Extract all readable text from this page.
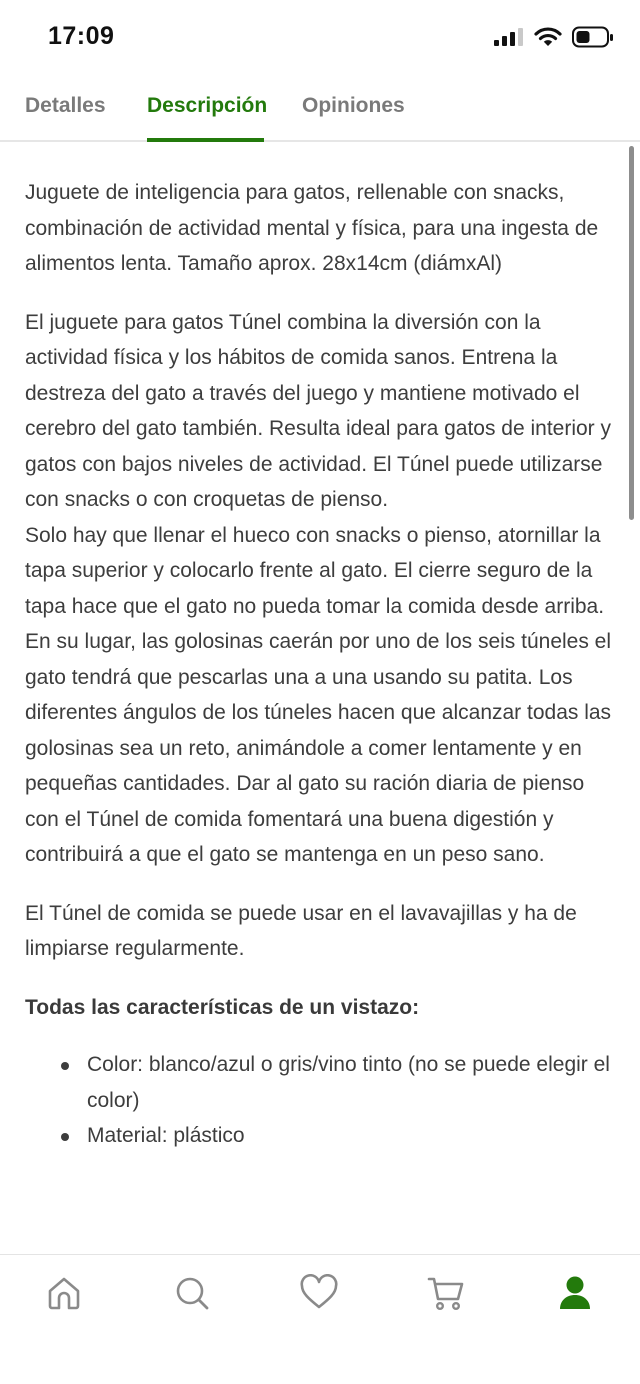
17:09
Detalles Descripción Opiniones

Juguete de inteligencia para gatos, rellenable con snacks, combinación de actividad mental y física, para una ingesta de alimentos lenta. Tamaño aprox. 28x14cm (diámxAl)

El juguete para gatos Túnel combina la diversión con la actividad física y los hábitos de comida sanos. Entrena la destreza del gato a través del juego y mantiene motivado el cerebro del gato también. Resulta ideal para gatos de interior y gatos con bajos niveles de actividad. El Túnel puede utilizarse con snacks o con croquetas de pienso.

Solo hay que llenar el hueco con snacks o pienso, atornillar la tapa superior y colocarlo frente al gato. El cierre seguro de la tapa hace que el gato no pueda tomar la comida desde arriba. En su lugar, las golosinas caerán por uno de los seis túneles el gato tendrá que pescarlas una a una usando su patita. Los diferentes ángulos de los túneles hacen que alcanzar todas las golosinas sea un reto, animándole a comer lentamente y en pequeñas cantidades. Dar al gato su ración diaria de pienso con el Túnel de comida fomentará una buena digestión y contribuirá a que el gato se mantenga en un peso sano.

El Túnel de comida se puede usar en el lavavajillas y ha de limpiarse regularmente.

Todas las características de un vistazo:

Color: blanco/azul o gris/vino tinto (no se puede elegir el color)
Material: plástico
